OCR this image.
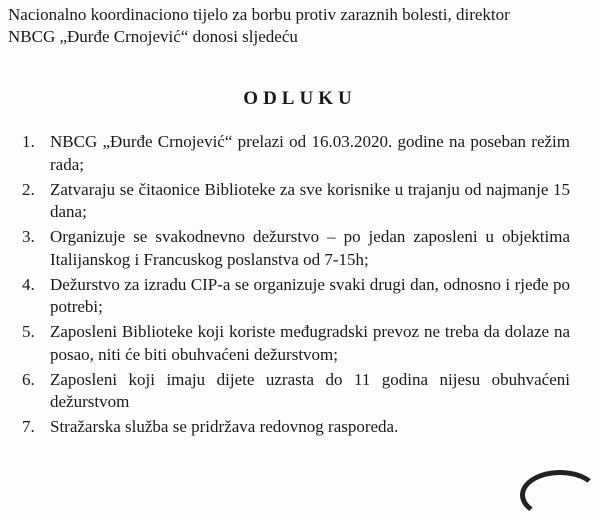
Nacionalno koordinaciono tijelo za borbu protiv zaraznih bolesti, direktor

NBCG „Đurđe Crnojević“ donosi sljedeću

ODLUKU
1. NBCG „Đurđe Crnojević“ prelazi od 16.03.2020. godine na poseban režim rada;
2. Zatvaraju se čitaonice Biblioteke za sve korisnike u trajanju od najmanje 15 dana;
3. Organizuje se svakodnevno dežurstvo – po jedan zaposleni u objektima Italijanskog i Francuskog poslanstva od 7-15h;
4. Dežurstvo za izradu CIP-a se organizuje svaki drugi dan, odnosno i rjeđe po potrebi;
5. Zaposleni Biblioteke koji koriste međugradski prevoz ne treba da dolaze na posao, niti će biti obuhvaćeni dežurstvom;
6. Zaposleni koji imaju dijete uzrasta do 11 godina nijesu obuhvaćeni dežurstvom
7. Stražarska služba se pridržava redovnog rasporeda.
